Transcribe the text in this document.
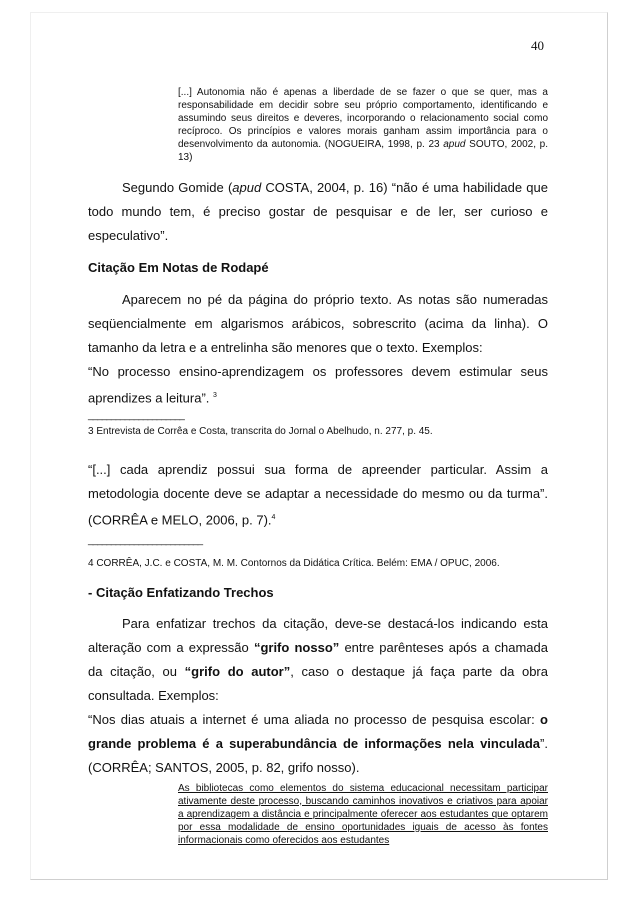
40
[...] Autonomia não é apenas a liberdade de se fazer o que se quer, mas a responsabilidade em decidir sobre seu próprio comportamento, identificando e assumindo seus direitos e deveres, incorporando o relacionamento social como recíproco. Os princípios e valores morais ganham assim importância para o desenvolvimento da autonomia. (NOGUEIRA, 1998, p. 23 apud SOUTO, 2002, p. 13)
Segundo Gomide (apud COSTA, 2004, p. 16) “não é uma habilidade que todo mundo tem, é preciso gostar de pesquisar e de ler, ser curioso e especulativo”.
Citação Em Notas de Rodapé
Aparecem no pé da página do próprio texto. As notas são numeradas seqüencialmente em algarismos arábicos, sobrescrito (acima da linha). O tamanho da letra e a entrelinha são menores que o texto. Exemplos:
“No processo ensino-aprendizagem os professores devem estimular seus aprendizes a leitura”. $^3$
_____________________
3 Entrevista de Corrêa e Costa, transcrita do Jornal o Abelhudo, n. 277, p. 45.
“[...] cada aprendiz possui sua forma de apreender particular. Assim a metodologia docente deve se adaptar a necessidade do mesmo ou da turma”. (CORRÊA e MELO, 2006, p. 7).$^4$
_________________________
4 CORRÊA, J.C. e COSTA, M. M. Contornos da Didática Crítica. Belém: EMA / OPUC, 2006.
- Citação Enfatizando Trechos
Para enfatizar trechos da citação, deve-se destacá-los indicando esta alteração com a expressão “grifo nosso” entre parênteses após a chamada da citação, ou “grifo do autor”, caso o destaque já faça parte da obra consultada. Exemplos:
“Nos dias atuais a internet é uma aliada no processo de pesquisa escolar: o grande problema é a superabundância de informações nela vinculada”. (CORRÊA; SANTOS, 2005, p. 82, grifo nosso).
As bibliotecas como elementos do sistema educacional necessitam participar ativamente deste processo, buscando caminhos inovativos e criativos para apoiar a aprendizagem a distância e principalmente oferecer aos estudantes que optarem por essa modalidade de ensino oportunidades iguais de acesso às fontes informacionais como oferecidos aos estudantes
